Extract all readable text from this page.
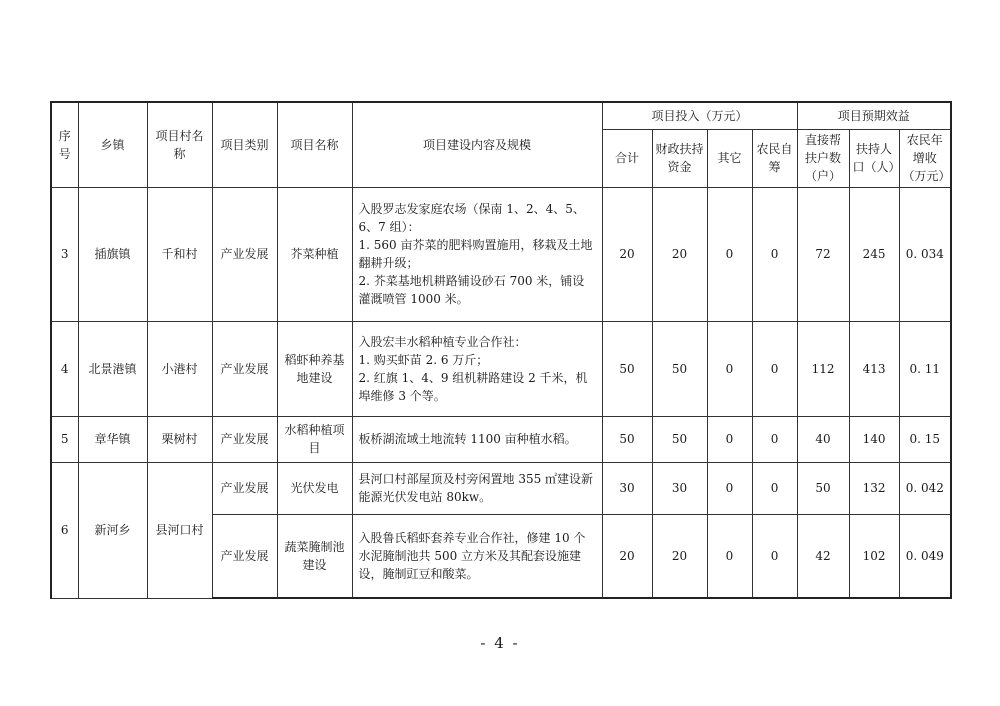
序号	乡镇	项目村名称	项目类别	项目名称	项目建设内容及规模	项目投入（万元）				项目预期效益		
						合计	财政扶持资金	其它	农民自筹	直接帮扶户数（户）	扶持人口（人）	农民年增收（万元）
3	插旗镇	千和村	产业发展	芥菜种植	入股罗志发家庭农场（保南 1、2、4、5、6、7 组）：
1. 560 亩芥菜的肥料购置施用，移栽及土地翻耕升级；
2. 芥菜基地机耕路铺设砂石 700 米，铺设灌溉喷管 1000 米。	20	20	0	0	72	245	0. 034
4	北景港镇	小港村	产业发展	稻虾种养基地建设	入股宏丰水稻种植专业合作社：
1. 购买虾苗 2. 6 万斤；
2. 红旗 1、4、9 组机耕路建设 2 千米，机埠维修 3 个等。	50	50	0	0	112	413	0. 11
5	章华镇	栗树村	产业发展	水稻种植项目	板桥湖流域土地流转 1100 亩种植水稻。	50	50	0	0	40	140	0. 15
6	新河乡	县河口村	产业发展	光伏发电	县河口村部屋顶及村旁闲置地 355 ㎡建设新能源光伏发电站 80kw。	30	30	0	0	50	132	0. 042
			产业发展	蔬菜腌制池建设	入股鲁氏稻虾套养专业合作社，修建 10 个水泥腌制池共 500 立方米及其配套设施建设，腌制豇豆和酸菜。	20	20	0	0	42	102	0. 049
- 4 -
